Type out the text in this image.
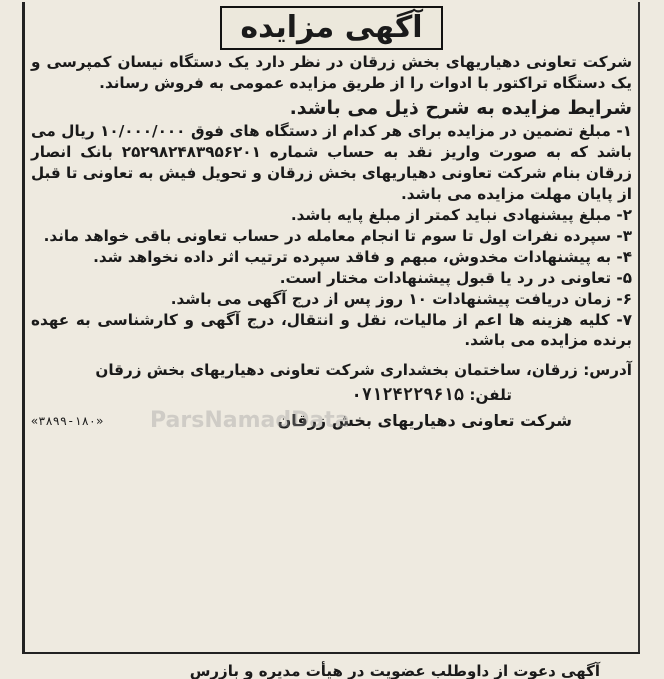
آگهی مزایده

شرکت تعاونی دهیاریهای بخش زرقان در نظر دارد یک دستگاه نیسان کمپرسی و یک دستگاه تراکتور با ادوات را از طریق مزایده عمومی به فروش رساند.

شرایط مزایده به شرح ذیل می باشد.
۱- مبلغ تضمین در مزایده برای هر کدام از دستگاه های فوق ۱۰/۰۰۰/۰۰۰ ریال می باشد که به صورت واریز نقد به حساب شماره ۲۵۲۹۸۲۴۸۳۹۵۶۲۰۱ بانک انصار زرقان بنام شرکت تعاونی دهیاریهای بخش زرقان و تحویل فیش به تعاونی تا قبل از پایان مهلت مزایده می باشد.
۲- مبلغ پیشنهادی نباید کمتر از مبلغ پایه باشد.
۳- سپرده نفرات اول تا سوم تا انجام معامله در حساب تعاونی باقی خواهد ماند.
۴- به پیشنهادات مخدوش، مبهم و فاقد سپرده ترتیب اثر داده نخواهد شد.
۵- تعاونی در رد یا قبول پیشنهادات مختار است.
۶- زمان دریافت پیشنهادات ۱۰ روز پس از درج آگهی می باشد.
۷- کلیه هزینه ها اعم از مالیات، نقل و انتقال، درج آگهی و کارشناسی به عهده برنده مزایده می باشد.
آدرس: زرقان، ساختمان بخشداری شرکت تعاونی دهیاریهای بخش زرقان
تلفن: ۰۷۱۲۴۲۲۹۶۱۵
شرکت تعاونی دهیاریهای بخش زرقان
«۳۸۹۹-۱۸۰» ParsNamadData
آگهی دعوت از داوطلب عضویت در هیأت مدیره و بازرس
